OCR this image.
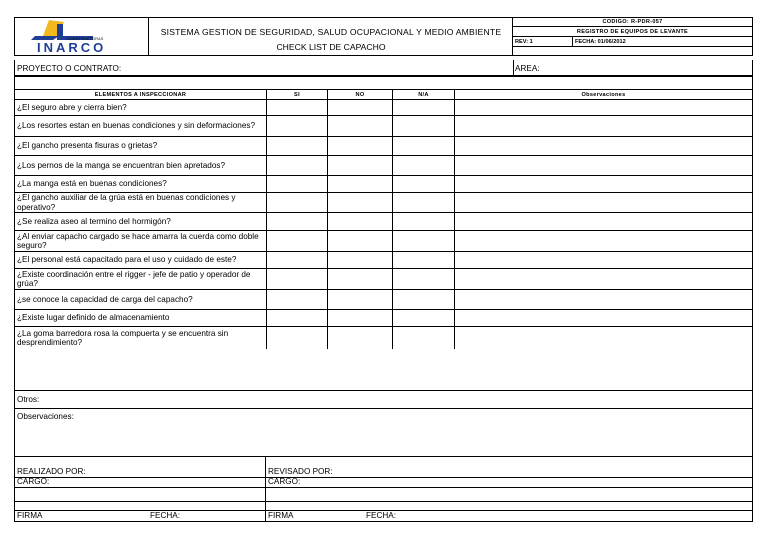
CONSTRUCTORAS
INARCO
SISTEMA GESTION DE SEGURIDAD, SALUD OCUPACIONAL Y MEDIO AMBIENTE
CHECK LIST DE CAPACHO
CODIGO: R-PDR-057
REGISTRO DE EQUIPOS DE LEVANTE
REV: 1	FECHA: 01/06/2012
PROYECTO O CONTRATO:	AREA:
ELEMENTOS A INSPECCIONAR	SI	NO	N/A	Observaciones
¿El seguro abre y cierra bien?
¿Los resortes estan en buenas condiciones y sin deformaciones?
¿El gancho presenta fisuras o grietas?
¿Los pernos de la manga se encuentran bien apretados?
¿La manga está en buenas condiciones?
¿El gancho auxiliar de la grúa está en buenas condiciones y operativo?
¿Se realiza aseo al termino del hormigón?
¿Al enviar capacho cargado se hace amarra la cuerda como doble seguro?
¿El personal está capacitado para el uso y cuidado de este?
¿Existe coordinación entre el rigger - jefe de patio y operador de grúa?
¿se conoce la capacidad de carga del capacho?
¿Existe lugar definido de almacenamiento
¿La goma barredora rosa la compuerta y se encuentra sin desprendimiento?
Otros:
Observaciones:
REALIZADO POR:	REVISADO POR:
CARGO:	CARGO:
FIRMA	FECHA:	FIRMA	FECHA:
